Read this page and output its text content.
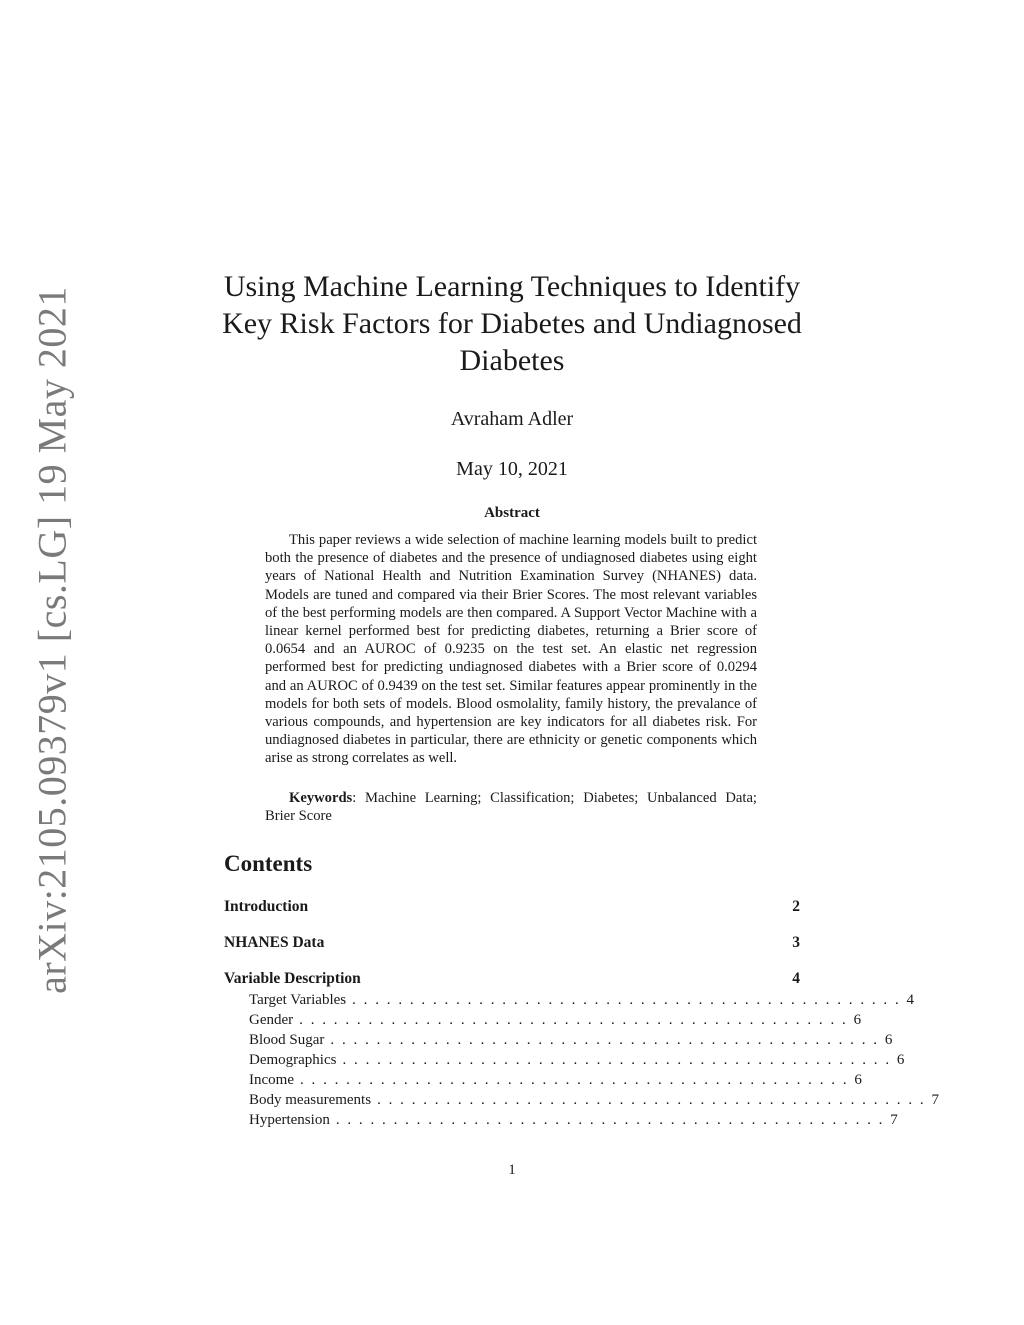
arXiv:2105.09379v1 [cs.LG] 19 May 2021	Using Machine Learning Techniques to Identify
Key Risk Factors for Diabetes and Undiagnosed
Diabetes
Avraham Adler
May 10, 2021
Abstract

This paper reviews a wide selection of machine learning models built to predict both the presence of diabetes and the presence of undiagnosed diabetes using eight years of National Health and Nutrition Examination Survey (NHANES) data. Models are tuned and compared via their Brier Scores. The most relevant variables of the best performing models are then compared. A Support Vector Machine with a linear kernel performed best for predicting diabetes, returning a Brier score of 0.0654 and an AUROC of 0.9235 on the test set. An elastic net regression performed best for predicting undiagnosed diabetes with a Brier score of 0.0294 and an AUROC of 0.9439 on the test set. Similar features appear prominently in the models for both sets of models. Blood osmolality, family history, the prevalance of various compounds, and hypertension are key indicators for all diabetes risk. For undiagnosed diabetes in particular, there are ethnicity or genetic components which arise as strong correlates as well.

Keywords: Machine Learning; Classification; Diabetes; Unbalanced Data; Brier Score

Contents
Introduction	2
NHANES Data	3
Variable Description	4
Target Variables ................................................ 4
Gender ................................................ 6
Blood Sugar ................................................ 6
Demographics ................................................ 6
Income ................................................ 6
Body measurements ................................................ 7
Hypertension ................................................ 7
1
